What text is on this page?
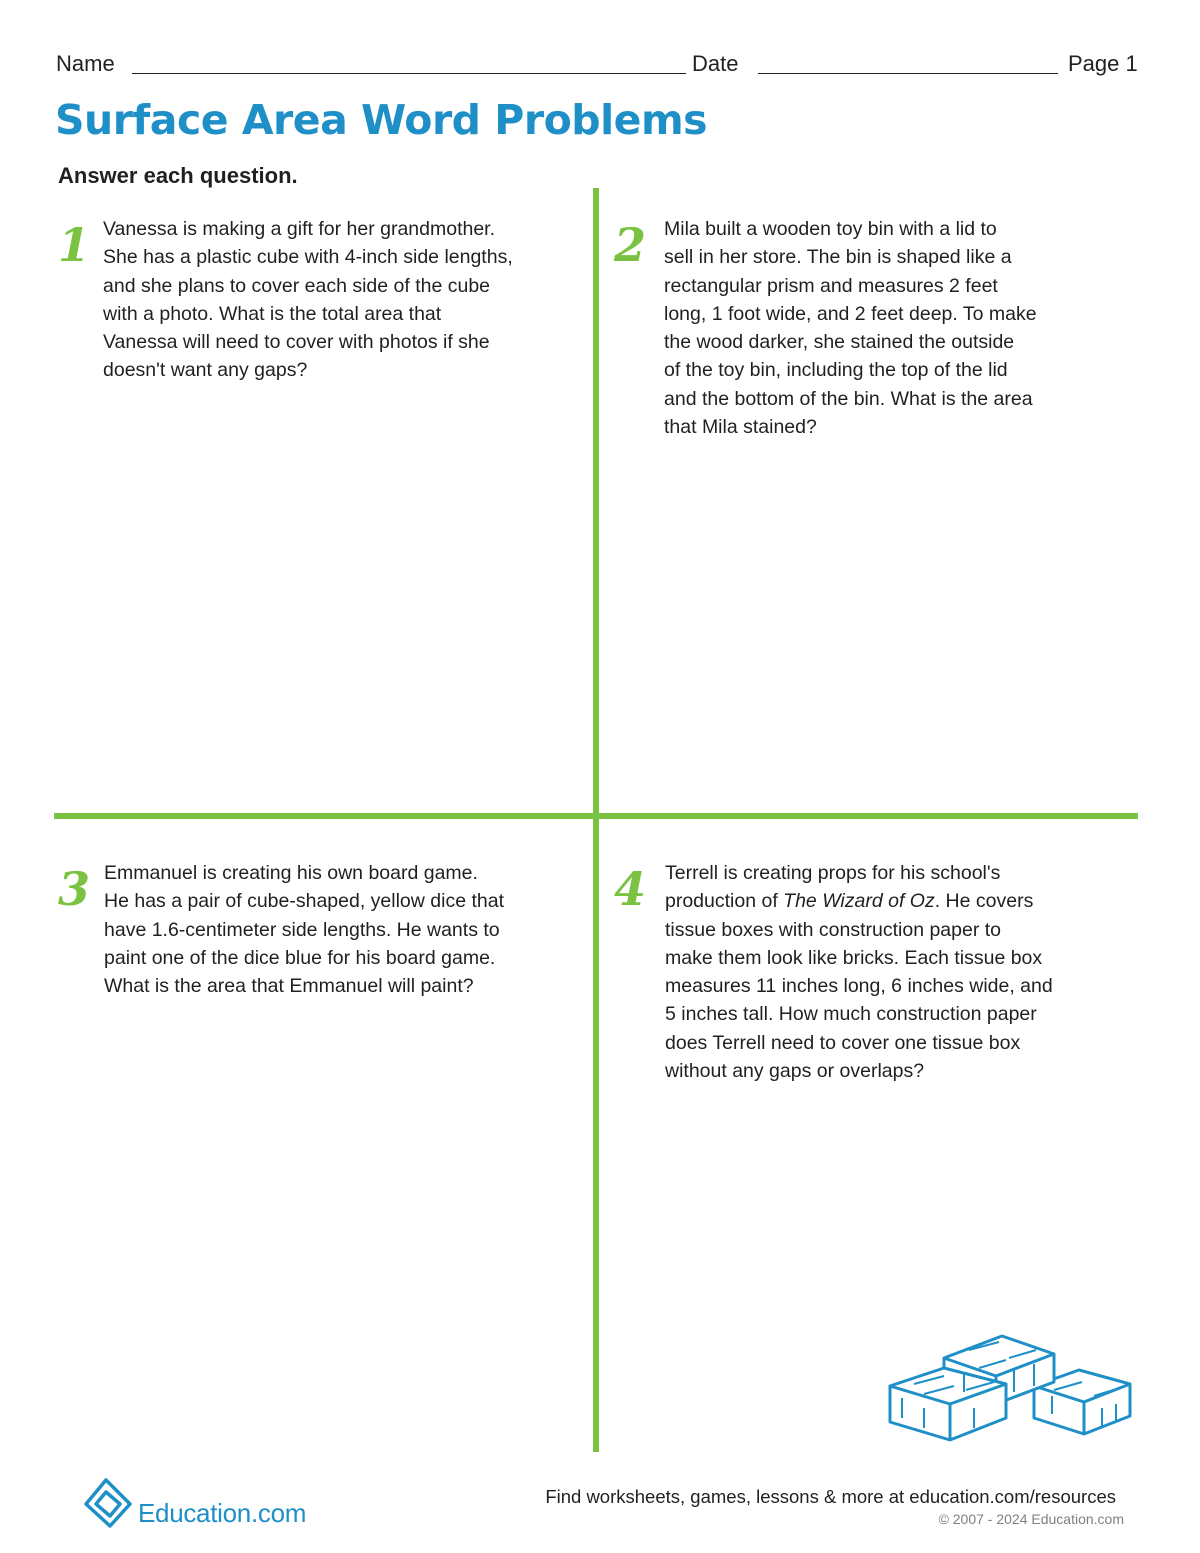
Name	Date	Page 1
Surface Area Word Problems
Answer each question.
1 Vanessa is making a gift for her grandmother.
She has a plastic cube with 4-inch side lengths,
and she plans to cover each side of the cube
with a photo. What is the total area that
Vanessa will need to cover with photos if she
doesn't want any gaps?
2 Mila built a wooden toy bin with a lid to
sell in her store. The bin is shaped like a
rectangular prism and measures 2 feet
long, 1 foot wide, and 2 feet deep. To make
the wood darker, she stained the outside
of the toy bin, including the top of the lid
and the bottom of the bin. What is the area
that Mila stained?
3 Emmanuel is creating his own board game.
He has a pair of cube-shaped, yellow dice that
have 1.6-centimeter side lengths. He wants to
paint one of the dice blue for his board game.
What is the area that Emmanuel will paint?
4 Terrell is creating props for his school's
production of The Wizard of Oz. He covers
tissue boxes with construction paper to
make them look like bricks. Each tissue box
measures 11 inches long, 6 inches wide, and
5 inches tall. How much construction paper
does Terrell need to cover one tissue box
without any gaps or overlaps?
Education.com
Find worksheets, games, lessons & more at education.com/resources
© 2007 - 2024 Education.com
